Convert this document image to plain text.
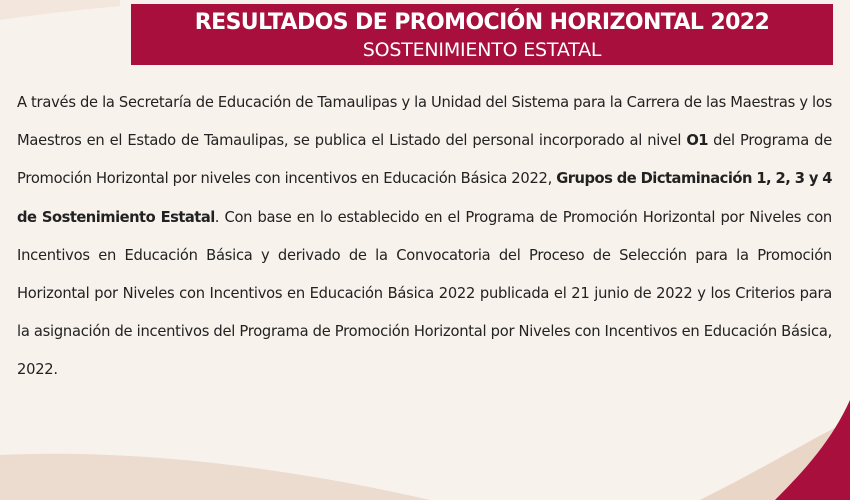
RESULTADOS DE PROMOCIÓN HORIZONTAL 2022
SOSTENIMIENTO ESTATAL
A través de la Secretaría de Educación de Tamaulipas y la Unidad del Sistema para la Carrera de las Maestras y los Maestros en el Estado de Tamaulipas, se publica el Listado del personal incorporado al nivel O1 del Programa de Promoción Horizontal por niveles con incentivos en Educación Básica 2022, Grupos de Dictaminación 1, 2, 3 y 4 de Sostenimiento Estatal. Con base en lo establecido en el Programa de Promoción Horizontal por Niveles con Incentivos en Educación Básica y derivado de la Convocatoria del Proceso de Selección para la Promoción Horizontal por Niveles con Incentivos en Educación Básica 2022 publicada el 21 junio de 2022 y los Criterios para la asignación de incentivos del Programa de Promoción Horizontal por Niveles con Incentivos en Educación Básica, 2022.
